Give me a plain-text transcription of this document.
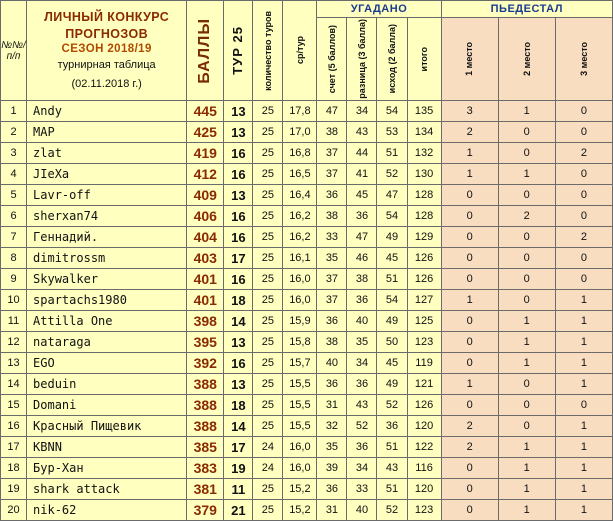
№№/п/п	ЛИЧНЫЙ КОНКУРС ПРОГНОЗОВ
СЕЗОН 2018/19
турнирная таблица
(02.11.2018 г.)	БАЛЛЫ	ТУР 25	количество туров	ср/тур	УГАДАНО				ПЬЕДЕСТАЛ		

						счет (5 баллов)	разница (3 балла)	исход (2 балла)	итого	1 место	2 место	3 место

1	Andy	445	13	25	17,8	47	34	54	135	3	1	0
2	MAP	425	13	25	17,0	38	43	53	134	2	0	0
3	zlat	419	16	25	16,8	37	44	51	132	1	0	2
4	JIeXa	412	16	25	16,5	37	41	52	130	1	1	0
5	Lavr-off	409	13	25	16,4	36	45	47	128	0	0	0
6	sherxan74	406	16	25	16,2	38	36	54	128	0	2	0
7	Геннадий.	404	16	25	16,2	33	47	49	129	0	0	2
8	dimitrossm	403	17	25	16,1	35	46	45	126	0	0	0
9	Skywalker	401	16	25	16,0	37	38	51	126	0	0	0
10	spartachs1980	401	18	25	16,0	37	36	54	127	1	0	1
11	Attilla One	398	14	25	15,9	36	40	49	125	0	1	1
12	nataraga	395	13	25	15,8	38	35	50	123	0	1	1
13	EGO	392	16	25	15,7	40	34	45	119	0	1	1
14	beduin	388	13	25	15,5	36	36	49	121	1	0	1
15	Domani	388	18	25	15,5	31	43	52	126	0	0	0
16	Красный Пищевик	388	14	25	15,5	32	52	36	120	2	0	1
17	KBNN	385	17	24	16,0	35	36	51	122	2	1	1
18	Бур-Хан	383	19	24	16,0	39	34	43	116	0	1	1
19	shark attack	381	11	25	15,2	36	33	51	120	0	1	1
20	nik-62	379	21	25	15,2	31	40	52	123	0	1	1
